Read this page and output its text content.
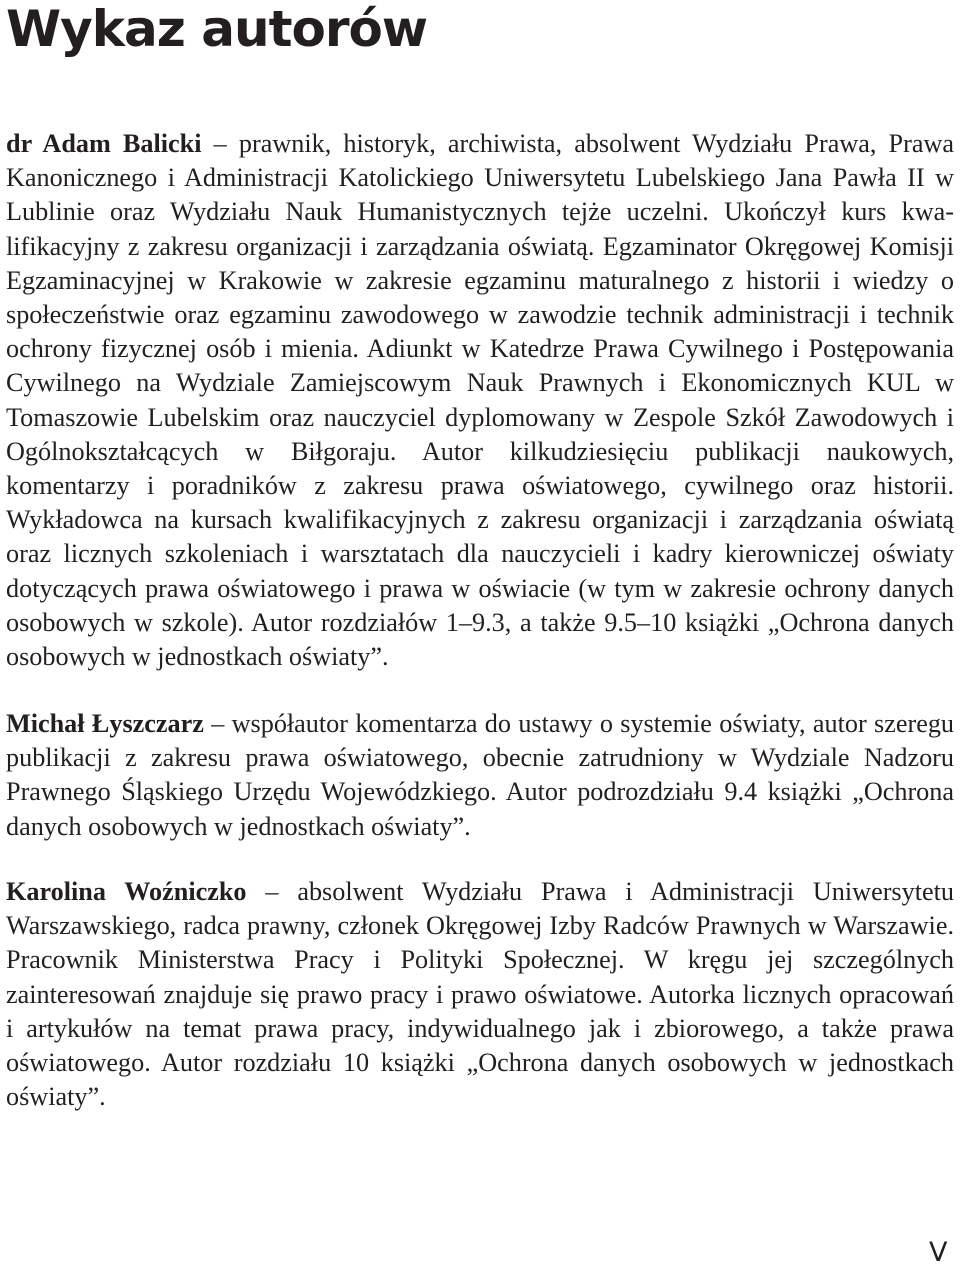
Wykaz autorów

dr Adam Balicki – prawnik, historyk, archiwista, absolwent Wydziału Prawa, Prawa Kanonicznego i Administracji Katolickiego Uniwersytetu Lubelskiego Jana Pawła II w Lublinie oraz Wydziału Nauk Humanistycznych tejże uczelni. Ukończył kurs kwalifikacyjny z zakresu organizacji i zarządzania oświatą. Egzaminator Okręgowej Komisji Egzaminacyjnej w Krakowie w zakresie egzaminu maturalnego z historii i wiedzy o społeczeństwie oraz egzaminu zawodowego w zawodzie technik administracji i technik ochrony fizycznej osób i mienia. Adiunkt w Katedrze Prawa Cywilnego i Postępowania Cywilnego na Wydziale Zamiejscowym Nauk Prawnych i Ekonomicznych KUL w Tomaszowie Lubelskim oraz nauczyciel dyplomowany w Zespole Szkół Zawodowych i Ogólnokształcących w Biłgoraju. Autor kilkudziesięciu publikacji naukowych, komentarzy i poradników z zakresu prawa oświatowego, cywilnego oraz historii. Wykładowca na kursach kwalifikacyjnych z zakresu organizacji i zarządzania oświatą oraz licznych szkoleniach i warsztatach dla nauczycieli i kadry kierowniczej oświaty dotyczących prawa oświatowego i prawa w oświacie (w tym w zakresie ochrony danych osobowych w szkole). Autor rozdziałów 1–9.3, a także 9.5–10 książki „Ochrona danych osobowych w jednostkach oświaty”.

Michał Łyszczarz – współautor komentarza do ustawy o systemie oświaty, autor szeregu publikacji z zakresu prawa oświatowego, obecnie zatrudniony w Wydziale Nadzoru Prawnego Śląskiego Urzędu Wojewódzkiego. Autor podrozdziału 9.4 książki „Ochrona danych osobowych w jednostkach oświaty”.

Karolina Woźniczko – absolwent Wydziału Prawa i Administracji Uniwersytetu Warszawskiego, radca prawny, członek Okręgowej Izby Radców Prawnych w Warszawie. Pracownik Ministerstwa Pracy i Polityki Społecznej. W kręgu jej szczególnych zainteresowań znajduje się prawo pracy i prawo oświatowe. Autorka licznych opracowań i artykułów na temat prawa pracy, indywidualnego jak i zbiorowego, a także prawa oświatowego. Autor rozdziału 10 książki „Ochrona danych osobowych w jednostkach oświaty”.

V
